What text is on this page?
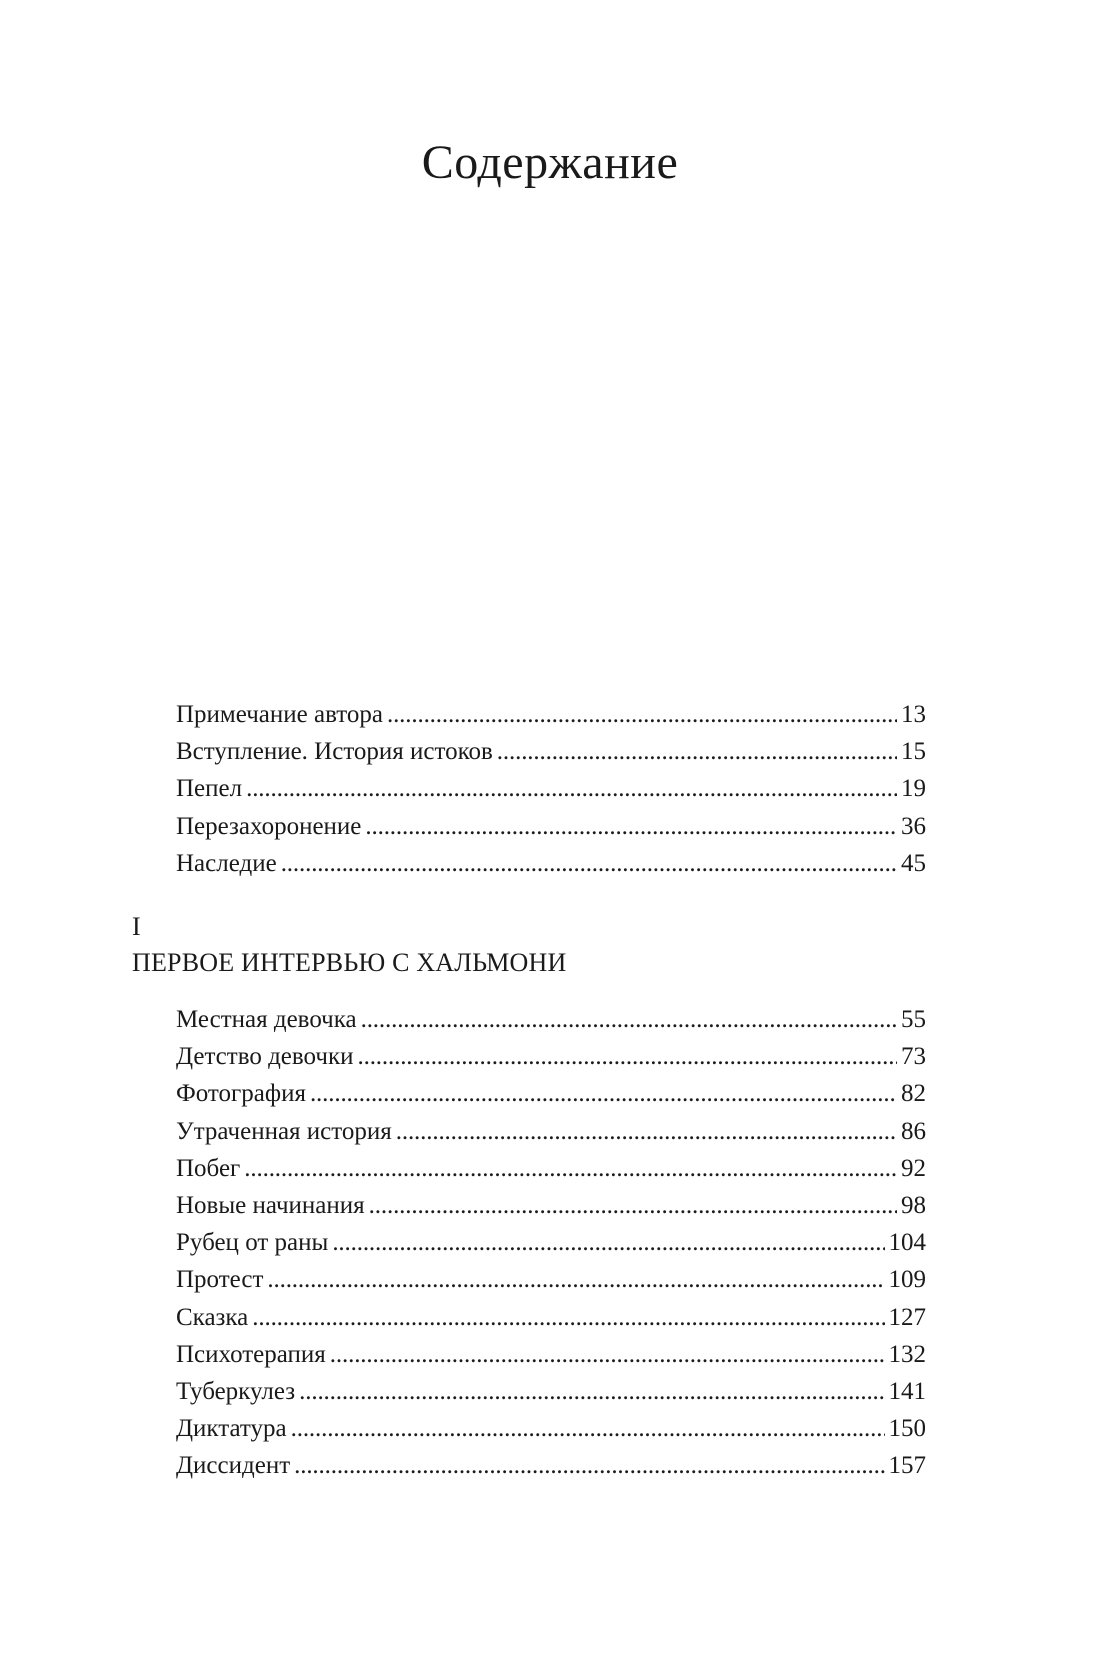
Содержание
Примечание автора . . .	13
Вступление. История истоков . . .	15
Пепел . . .	19
Перезахоронение . . .	36
Наследие . . .	45
I
ПЕРВОЕ ИНТЕРВЬЮ С ХАЛЬМОНИ
Местная девочка . . .	55
Детство девочки . . .	73
Фотография . . .	82
Утраченная история . . .	86
Побег . . .	92
Новые начинания . . .	98
Рубец от раны . . .	104
Протест . . .	109
Сказка . . .	127
Психотерапия . . .	132
Туберкулез . . .	141
Диктатура . . .	150
Диссидент . . .	157
